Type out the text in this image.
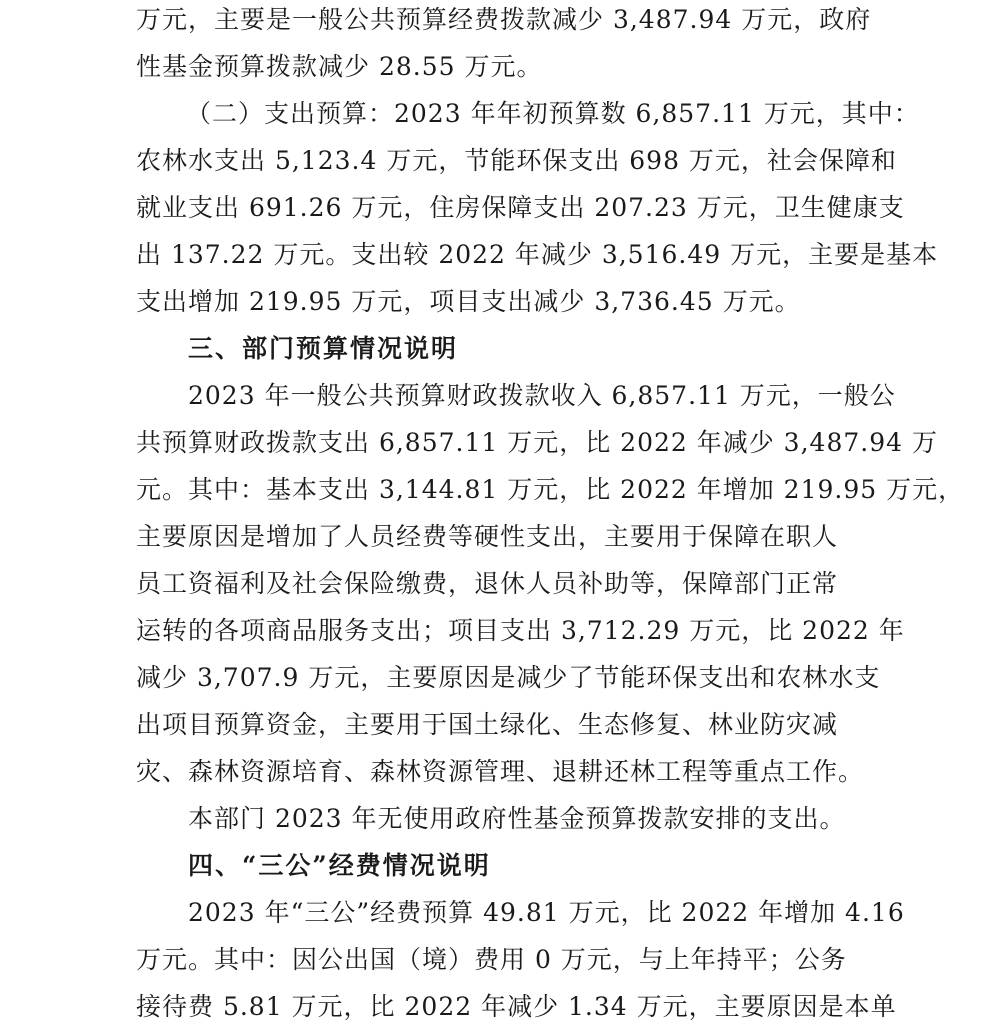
万元，主要是一般公共预算经费拨款减少 3,487.94 万元，政府
性基金预算拨款减少 28.55 万元。
（二）支出预算：2023 年年初预算数 6,857.11 万元，其中：
农林水支出 5,123.4 万元，节能环保支出 698 万元，社会保障和
就业支出 691.26 万元，住房保障支出 207.23 万元，卫生健康支
出 137.22 万元。支出较 2022 年减少 3,516.49 万元，主要是基本
支出增加 219.95 万元，项目支出减少 3,736.45 万元。
三、部门预算情况说明
2023 年一般公共预算财政拨款收入 6,857.11 万元，一般公
共预算财政拨款支出 6,857.11 万元，比 2022 年减少 3,487.94 万
元。其中：基本支出 3,144.81 万元，比 2022 年增加 219.95 万元，
主要原因是增加了人员经费等硬性支出，主要用于保障在职人
员工资福利及社会保险缴费，退休人员补助等，保障部门正常
运转的各项商品服务支出；项目支出 3,712.29 万元，比 2022 年
减少 3,707.9 万元，主要原因是减少了节能环保支出和农林水支
出项目预算资金，主要用于国土绿化、生态修复、林业防灾减
灾、森林资源培育、森林资源管理、退耕还林工程等重点工作。
本部门 2023 年无使用政府性基金预算拨款安排的支出。
四、“三公”经费情况说明
2023 年“三公”经费预算 49.81 万元，比 2022 年增加 4.16
万元。其中：因公出国（境）费用 0 万元，与上年持平；公务
接待费 5.81 万元，比 2022 年减少 1.34 万元，主要原因是本单
